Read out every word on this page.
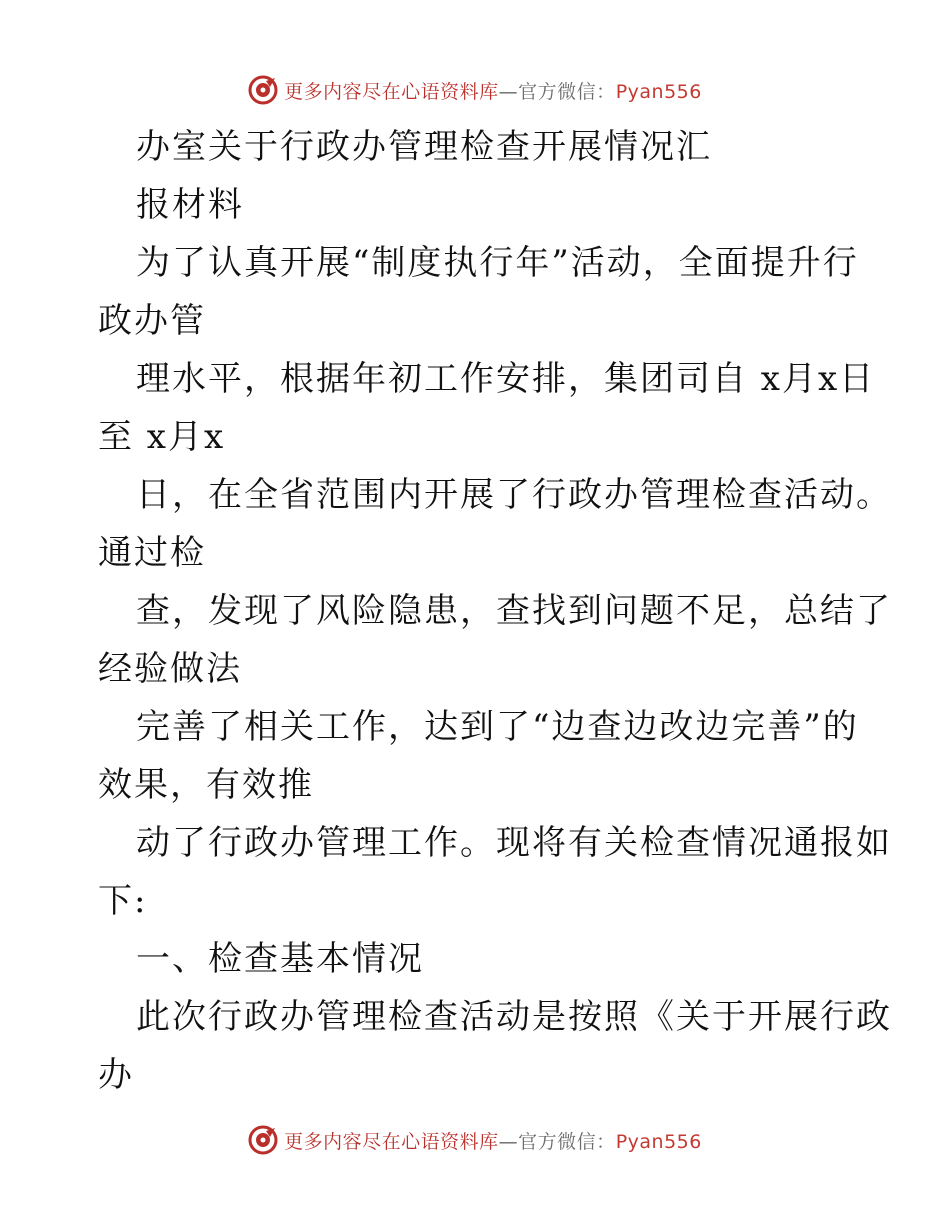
更多内容尽在心语资料库—官方微信：Pyan556
办室关于行政办管理检查开展情况汇
报材料
为了认真开展“制度执行年”活动，全面提升行
政办管
理水平，根据年初工作安排，集团司自 x月x日
至 x月x
日，在全省范围内开展了行政办管理检查活动。
通过检
查，发现了风险隐患，查找到问题不足，总结了
经验做法
完善了相关工作，达到了“边查边改边完善”的
效果，有效推
动了行政办管理工作。现将有关检查情况通报如
下:
一、检查基本情况
此次行政办管理检查活动是按照《关于开展行政
办
更多内容尽在心语资料库—官方微信：Pyan556
